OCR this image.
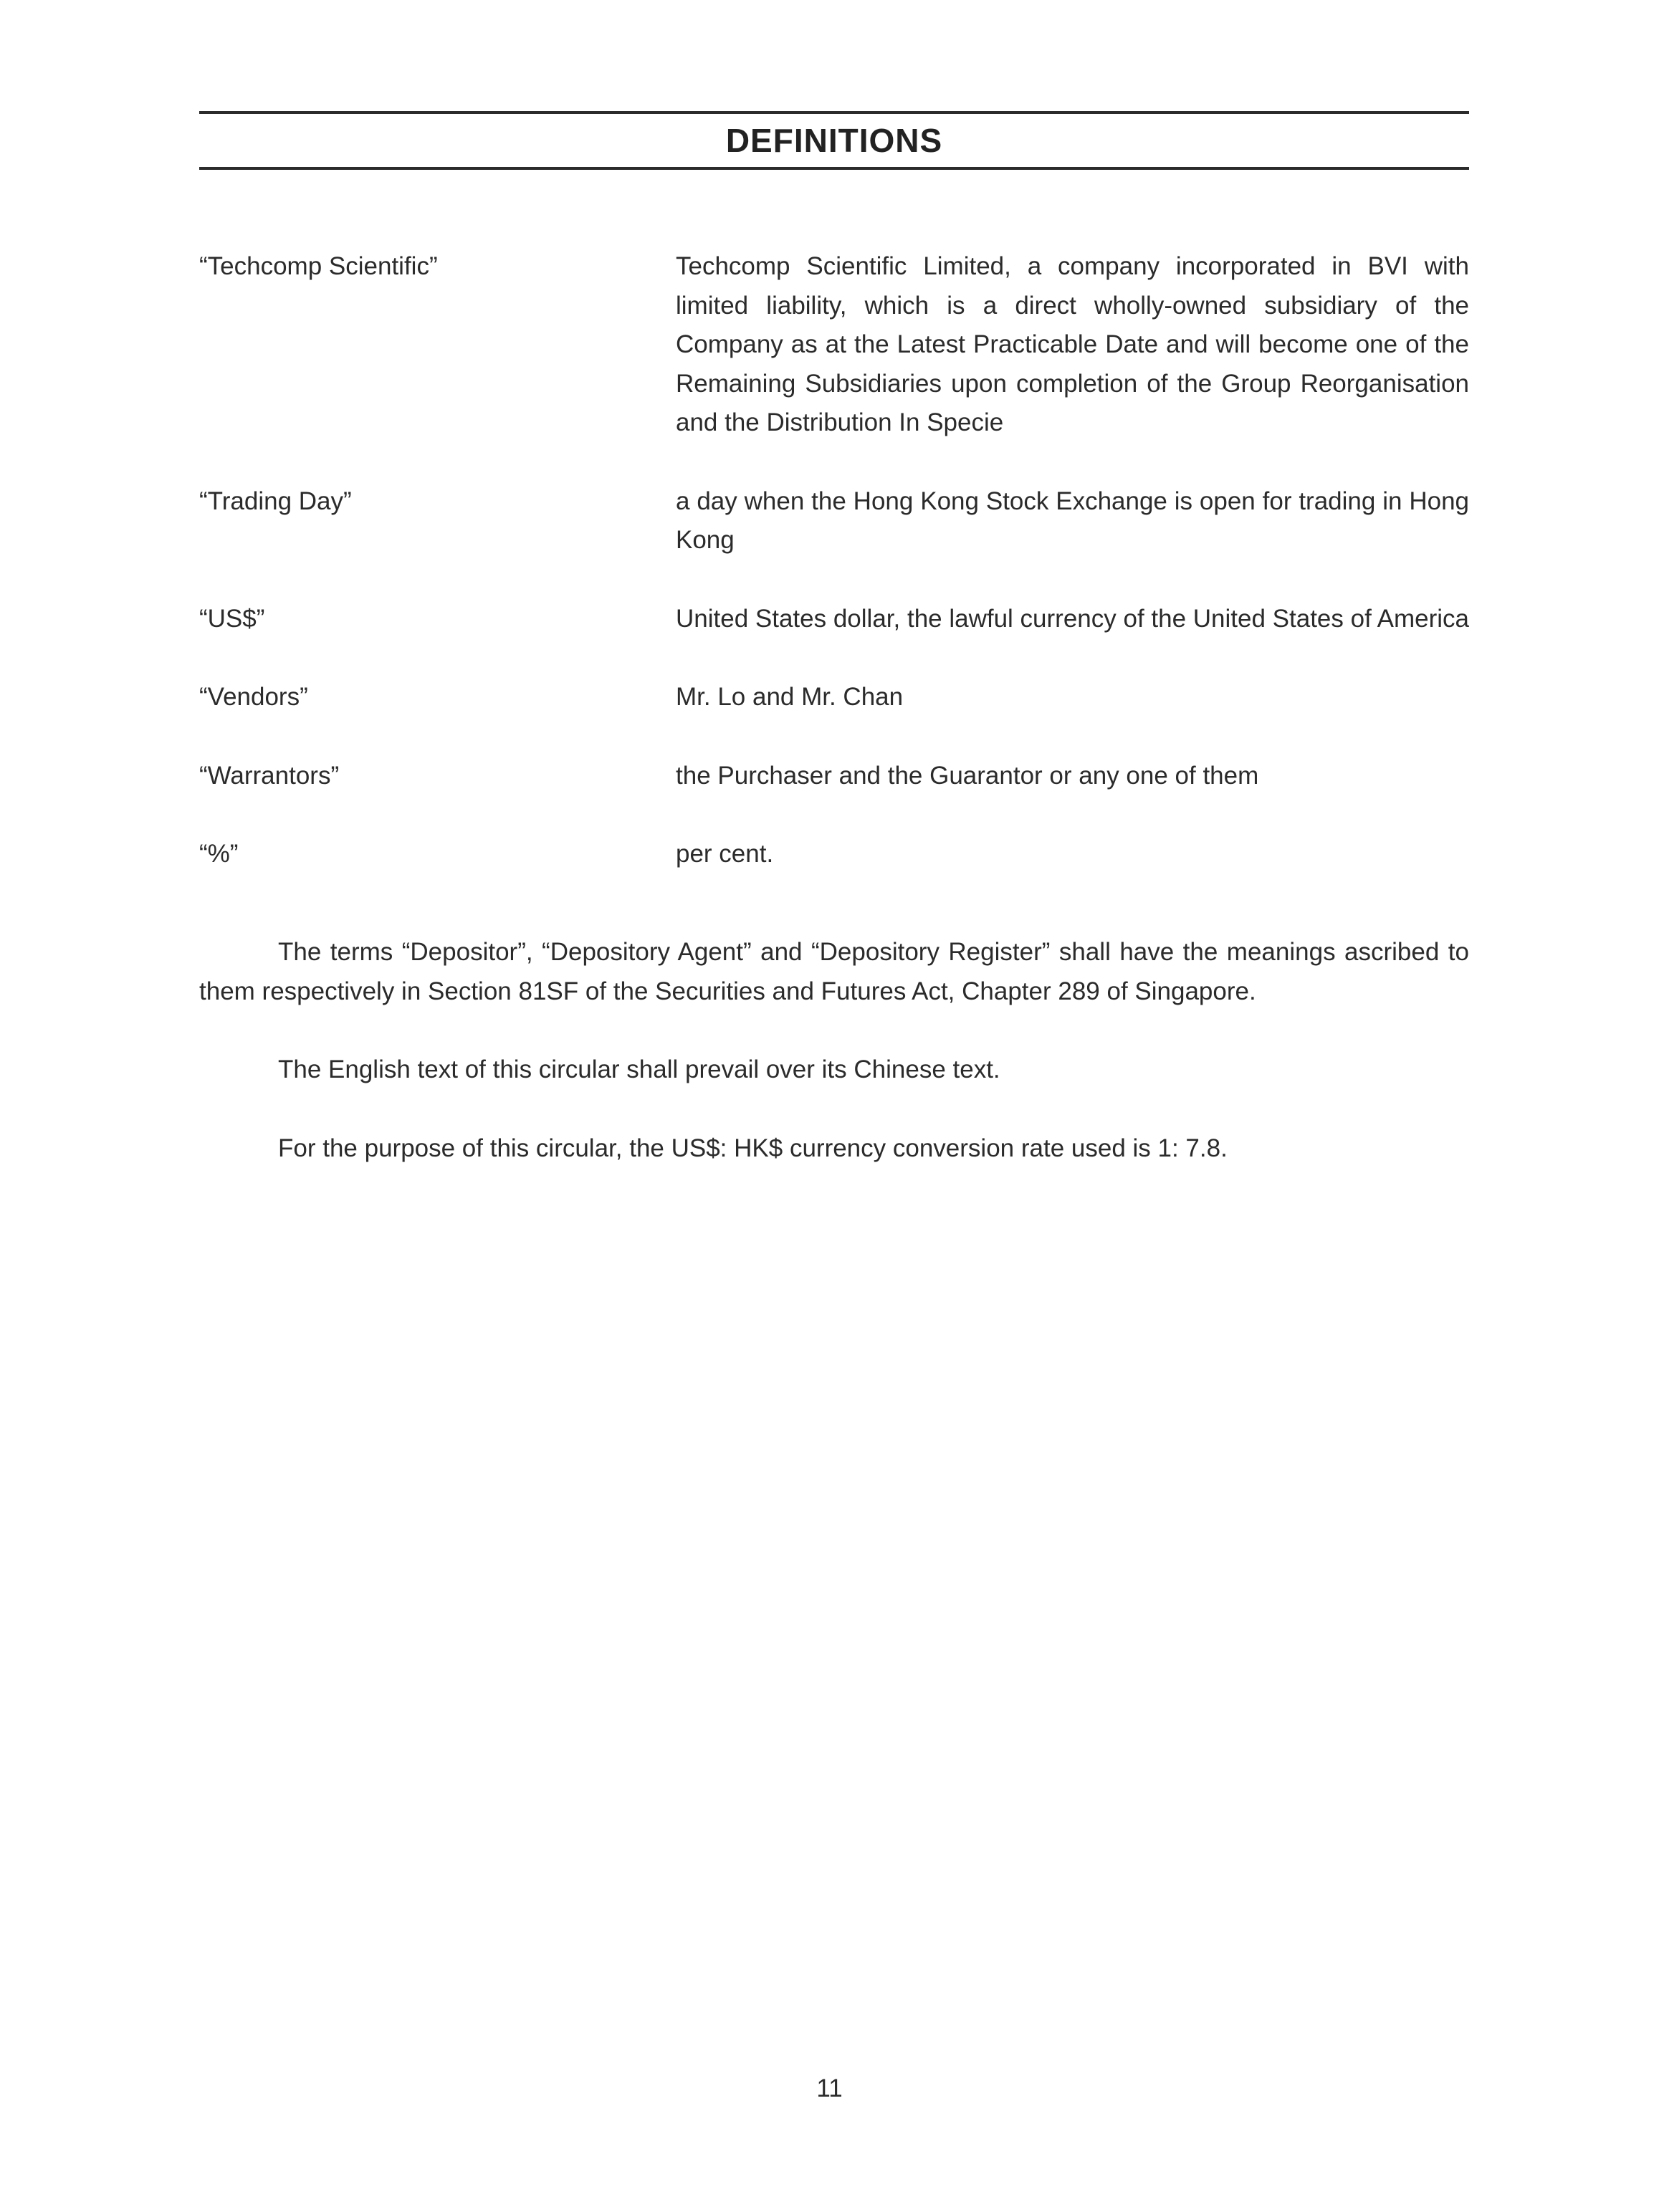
DEFINITIONS
“Techcomp Scientific”	Techcomp Scientific Limited, a company incorporated in BVI with limited liability, which is a direct wholly-owned subsidiary of the Company as at the Latest Practicable Date and will become one of the Remaining Subsidiaries upon completion of the Group Reorganisation and the Distribution In Specie
“Trading Day”	a day when the Hong Kong Stock Exchange is open for trading in Hong Kong
“US$”	United States dollar, the lawful currency of the United States of America
“Vendors”	Mr. Lo and Mr. Chan
“Warrantors”	the Purchaser and the Guarantor or any one of them
“%”	per cent.

The terms “Depositor”, “Depository Agent” and “Depository Register” shall have the meanings ascribed to them respectively in Section 81SF of the Securities and Futures Act, Chapter 289 of Singapore.

The English text of this circular shall prevail over its Chinese text.

For the purpose of this circular, the US$: HK$ currency conversion rate used is 1: 7.8.

11
